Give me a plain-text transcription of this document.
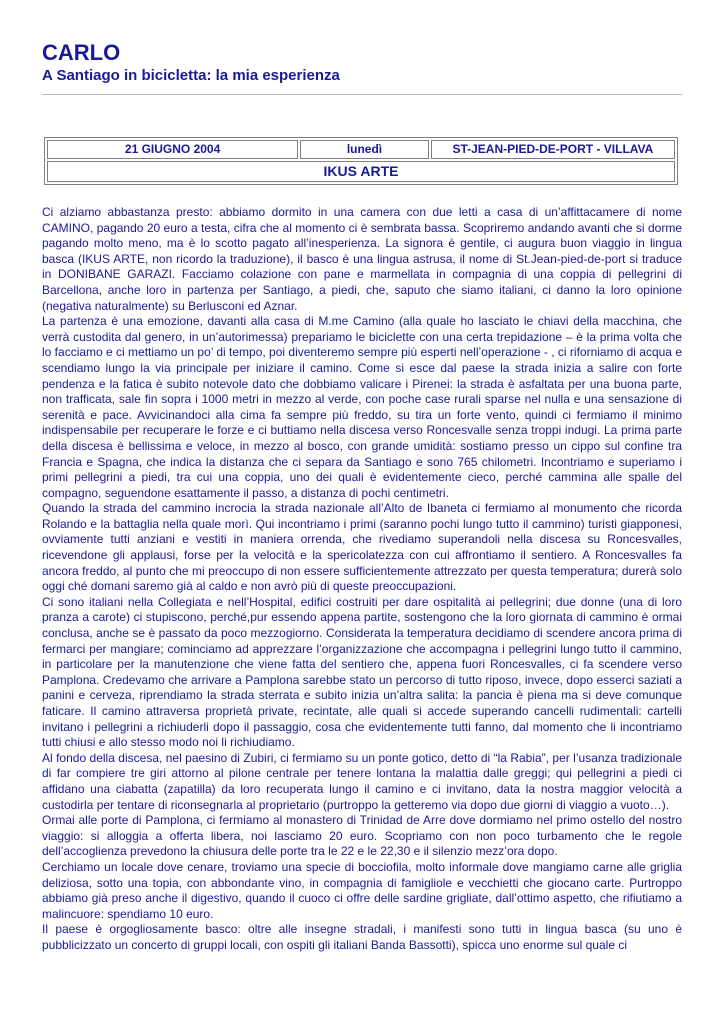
CARLO
A Santiago in bicicletta: la mia esperienza
21 GIUGNO 2004	lunedì	ST-JEAN-PIED-DE-PORT - VILLAVA
IKUS ARTE

Ci alziamo abbastanza presto: abbiamo dormito in una camera con due letti a casa di un’affittacamere di nome CAMINO, pagando 20 euro a testa, cifra che al momento ci è sembrata bassa. Scopriremo andando avanti che si dorme pagando molto meno, ma è lo scotto pagato all’inesperienza. La signora è gentile, ci augura buon viaggio in lingua basca (IKUS ARTE, non ricordo la traduzione), il basco è una lingua astrusa, il nome di St.Jean-pied-de-port si traduce in DONIBANE GARAZI. Facciamo colazione con pane e marmellata in compagnia di una coppia di pellegrini di Barcellona, anche loro in partenza per Santiago, a piedi, che, saputo che siamo italiani, ci danno la loro opinione (negativa naturalmente) su Berlusconi ed Aznar.

La partenza è una emozione, davanti alla casa di M.me Camino (alla quale ho lasciato le chiavi della macchina, che verrà custodita dal genero, in un’autorimessa) prepariamo le biciclette con una certa trepidazione – è la prima volta che lo facciamo e ci mettiamo un po’ di tempo, poi diventeremo sempre più esperti nell’operazione - , ci riforniamo di acqua e scendiamo lungo la via principale per iniziare il camino. Come si esce dal paese la strada inizia a salire con forte pendenza e la fatica è subito notevole dato che dobbiamo valicare i Pirenei: la strada è asfaltata per una buona parte, non trafficata, sale fin sopra i 1000 metri in mezzo al verde, con poche case rurali sparse nel nulla e una sensazione di serenità e pace. Avvicinandoci alla cima fa sempre più freddo, su tira un forte vento, quindi ci fermiamo il minimo indispensabile per recuperare le forze e ci buttiamo nella discesa verso Roncesvalle senza troppi indugi. La prima parte della discesa è bellissima e veloce, in mezzo al bosco, con grande umidità: sostiamo presso un cippo sul confine tra Francia e Spagna, che indica la distanza che ci separa da Santiago e sono 765 chilometri. Incontriamo e superiamo i primi pellegrini a piedi, tra cui una coppia, uno dei quali è evidentemente cieco, perché cammina alle spalle del compagno, seguendone esattamente il passo, a distanza di pochi centimetri.

Quando la strada del cammino incrocia la strada nazionale all’Alto de Ibaneta ci fermiamo al monumento che ricorda Rolando e la battaglia nella quale morì. Qui incontriamo i primi (saranno pochi lungo tutto il cammino) turisti giapponesi, ovviamente tutti anziani e vestiti in maniera orrenda, che rivediamo superandoli nella discesa su Roncesvalles, ricevendone gli applausi, forse per la velocità e la spericolatezza con cui affrontiamo il sentiero. A Roncesvalles fa ancora freddo, al punto che mi preoccupo di non essere sufficientemente attrezzato per questa temperatura; durerà solo oggi ché domani saremo già al caldo e non avrò più di queste preoccupazioni.

Ci sono italiani nella Collegiata e nell’Hospital, edifici costruiti per dare ospitalità ai pellegrini; due donne (una di loro pranza a carote) ci stupiscono, perché,pur essendo appena partite, sostengono che la loro giornata di cammino è ormai conclusa, anche se è passato da poco mezzogiorno. Considerata la temperatura decidiamo di scendere ancora prima di fermarci per mangiare; cominciamo ad apprezzare l’organizzazione che accompagna i pellegrini lungo tutto il cammino, in particolare per la manutenzione che viene fatta del sentiero che, appena fuori Roncesvalles, ci fa scendere verso Pamplona. Credevamo che arrivare a Pamplona sarebbe stato un percorso di tutto riposo, invece, dopo esserci saziati a panini e cerveza, riprendiamo la strada sterrata e subito inizia un’altra salita: la pancia è piena ma si deve comunque faticare. Il camino attraversa proprietà private, recintate, alle quali si accede superando cancelli rudimentali: cartelli invitano i pellegrini a richiuderli dopo il passaggio, cosa che evidentemente tutti fanno, dal momento che li incontriamo tutti chiusi e allo stesso modo noi li richiudiamo.

Al fondo della discesa, nel paesino di Zubiri, ci fermiamo su un ponte gotico, detto di “la Rabia”, per l’usanza tradizionale di far compiere tre giri attorno al pilone centrale per tenere lontana la malattia dalle greggi; qui pellegrini a piedi ci affidano una ciabatta (zapatilla) da loro recuperata lungo il camino e ci invitano, data la nostra maggior velocità a custodirla per tentare di riconsegnarla al proprietario (purtroppo la getteremo via dopo due giorni di viaggio a vuoto…).

Ormai alle porte di Pamplona, ci fermiamo al monastero di Trinidad de Arre dove dormiamo nel primo ostello del nostro viaggio: si alloggia a offerta libera, noi lasciamo 20 euro. Scopriamo con non poco turbamento che le regole dell’accoglienza prevedono la chiusura delle porte tra le 22 e le 22,30 e il silenzio mezz’ora dopo.

Cerchiamo un locale dove cenare, troviamo una specie di bocciofila, molto informale dove mangiamo carne alle griglia deliziosa, sotto una topia, con abbondante vino, in compagnia di famigliole e vecchietti che giocano carte. Purtroppo abbiamo già preso anche il digestivo, quando il cuoco ci offre delle sardine grigliate, dall’ottimo aspetto, che rifiutiamo a malincuore: spendiamo 10 euro.

Il paese è orgogliosamente basco: oltre alle insegne stradali, i manifesti sono tutti in lingua basca (su uno è pubblicizzato un concerto di gruppi locali, con ospiti gli italiani Banda Bassotti), spicca uno enorme sul quale ci
